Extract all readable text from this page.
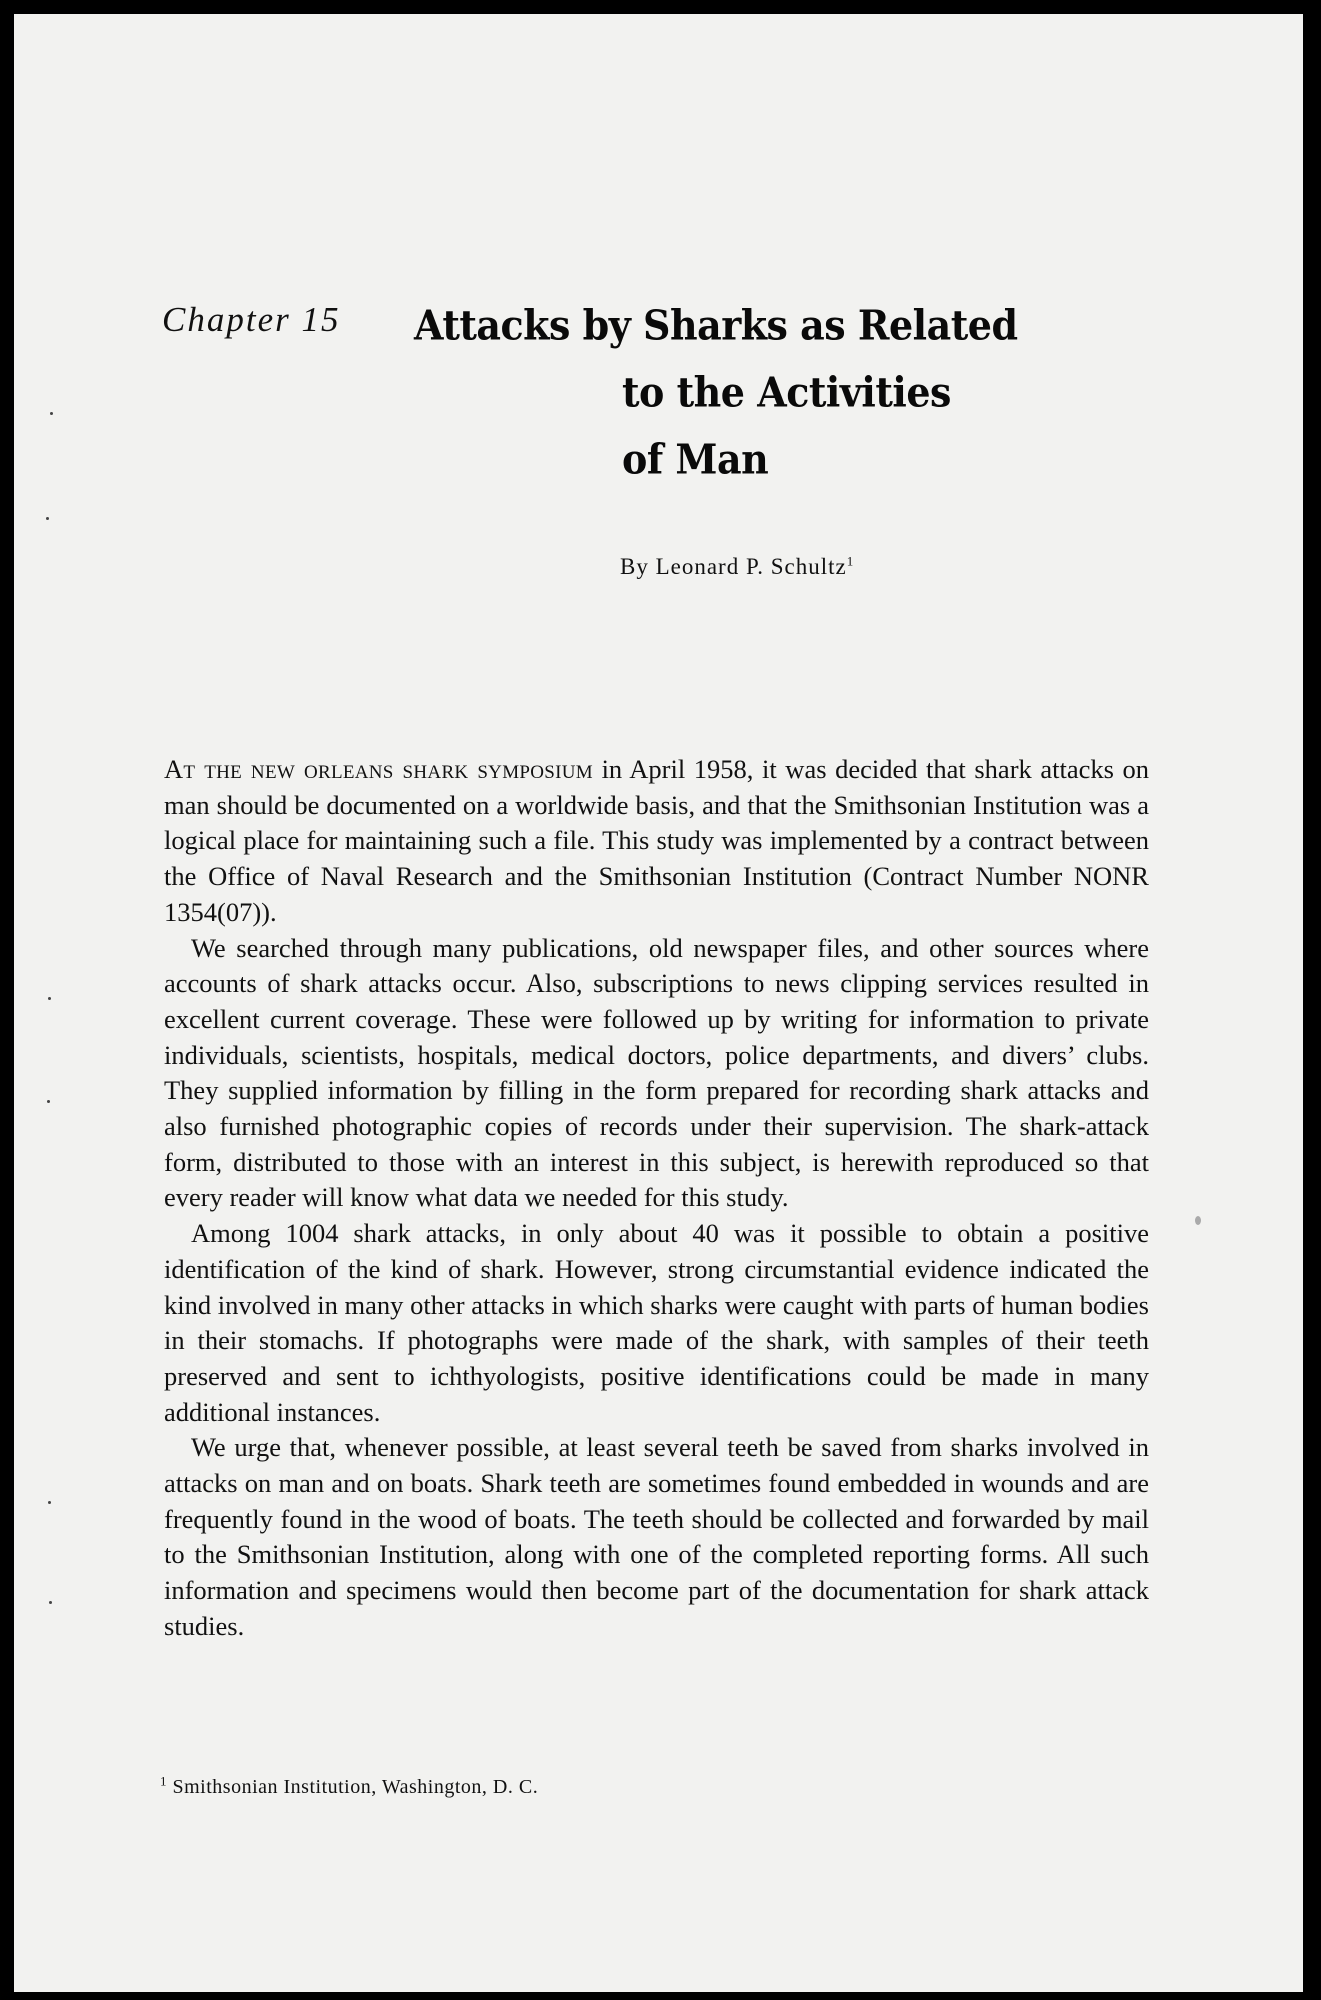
Chapter 15 Attacks by Sharks as Related
to the Activities
of Man
By Leonard P. Schultz$^1$

At the new orleans shark symposium in April 1958, it was decided that shark attacks on man should be documented on a worldwide basis, and that the Smithsonian Institution was a logical place for maintaining such a file. This study was implemented by a contract between the Office of Naval Research and the Smithsonian Institution (Contract Number NONR 1354(07)).

We searched through many publications, old newspaper files, and other sources where accounts of shark attacks occur. Also, subscriptions to news clipping services resulted in excellent current coverage. These were followed up by writing for information to private individuals, scientists, hospitals, medical doctors, police departments, and divers’ clubs. They supplied information by filling in the form prepared for recording shark attacks and also furnished photographic copies of records under their supervision. The shark-attack form, distributed to those with an interest in this subject, is herewith reproduced so that every reader will know what data we needed for this study.

Among 1004 shark attacks, in only about 40 was it possible to obtain a positive identification of the kind of shark. However, strong circumstantial evidence indicated the kind involved in many other attacks in which sharks were caught with parts of human bodies in their stomachs. If photographs were made of the shark, with samples of their teeth preserved and sent to ichthyologists, positive identifications could be made in many additional instances.

We urge that, whenever possible, at least several teeth be saved from sharks involved in attacks on man and on boats. Shark teeth are sometimes found embedded in wounds and are frequently found in the wood of boats. The teeth should be collected and forwarded by mail to the Smithsonian Institution, along with one of the completed reporting forms. All such information and specimens would then become part of the documentation for shark attack studies.

$^1$ Smithsonian Institution, Washington, D. C.
